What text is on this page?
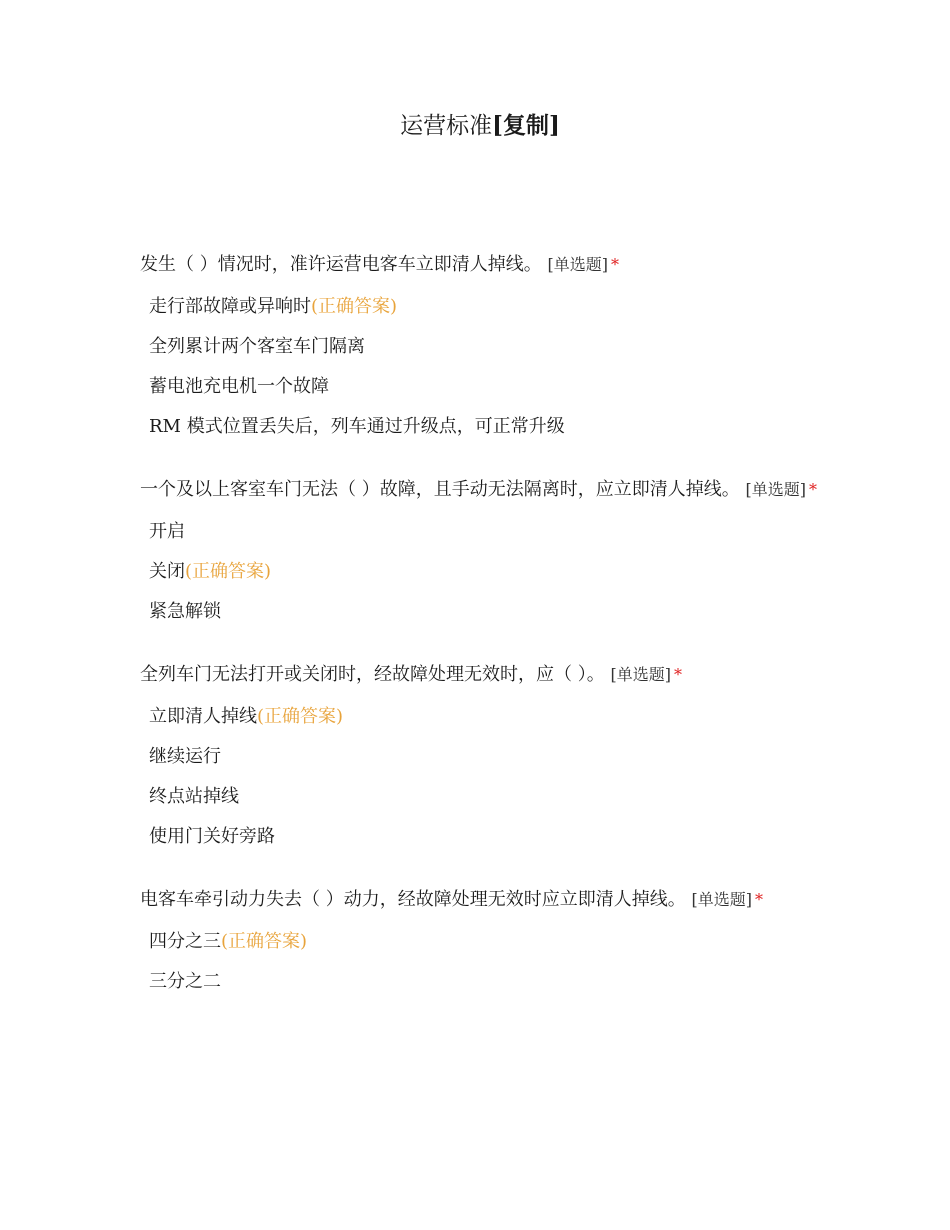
运营标准[复制]

发生（ ）情况时，准许运营电客车立即清人掉线。 [单选题] *

走行部故障或异响时(正确答案)
全列累计两个客室车门隔离
蓄电池充电机一个故障
RM 模式位置丢失后，列车通过升级点，可正常升级

一个及以上客室车门无法（ ）故障，且手动无法隔离时，应立即清人掉线。 [单选题] *

开启
关闭(正确答案)
紧急解锁

全列车门无法打开或关闭时，经故障处理无效时，应（ ）。 [单选题] *

立即清人掉线(正确答案)
继续运行
终点站掉线
使用门关好旁路

电客车牵引动力失去（ ）动力，经故障处理无效时应立即清人掉线。 [单选题] *

四分之三(正确答案)
三分之二
